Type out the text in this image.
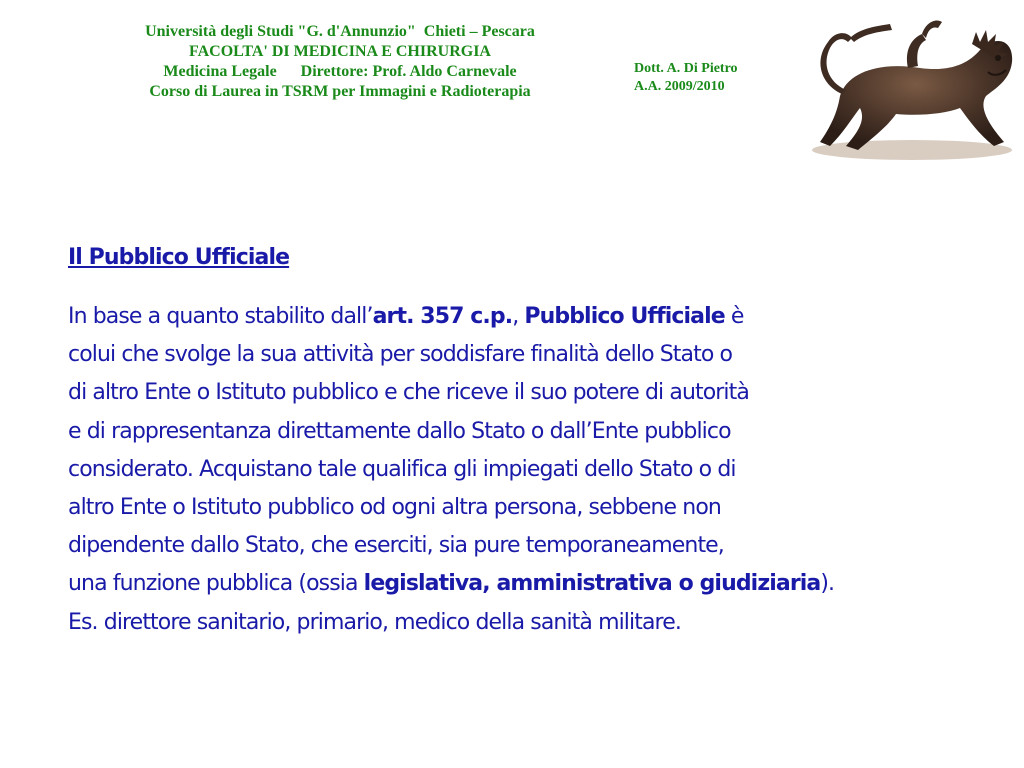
Università degli Studi "G. d'Annunzio"  Chieti – Pescara
FACOLTA' DI MEDICINA E CHIRURGIA
Medicina Legale      Direttore: Prof. Aldo Carnevale
Corso di Laurea in TSRM per Immagini e Radioterapia
Dott. A. Di Pietro
A.A. 2009/2010
Il Pubblico Ufficiale
In base a quanto stabilito dall’art. 357 c.p., Pubblico Ufficiale è
colui che svolge la sua attività per soddisfare finalità dello Stato o
di altro Ente o Istituto pubblico e che riceve il suo potere di autorità
e di rappresentanza direttamente dallo Stato o dall’Ente pubblico
considerato. Acquistano tale qualifica gli impiegati dello Stato o di
altro Ente o Istituto pubblico od ogni altra persona, sebbene non
dipendente dallo Stato, che eserciti, sia pure temporaneamente,
una funzione pubblica (ossia legislativa, amministrativa o giudiziaria).
Es. direttore sanitario, primario, medico della sanità militare.
